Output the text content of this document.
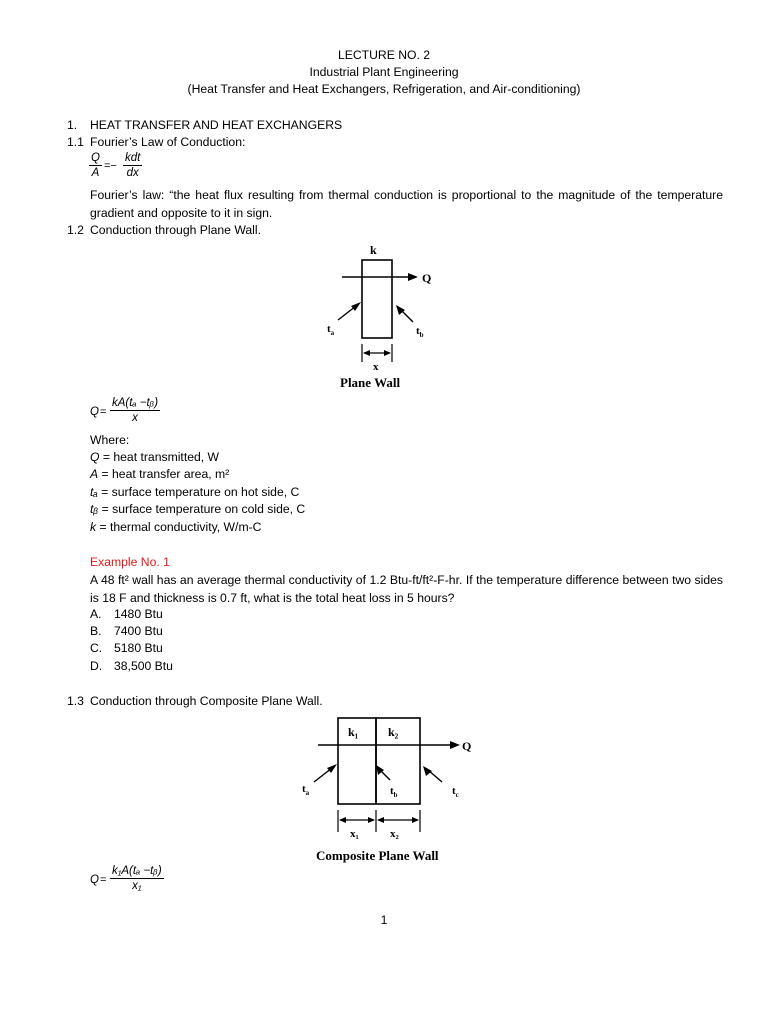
LECTURE NO. 2
Industrial Plant Engineering
(Heat Transfer and Heat Exchangers, Refrigeration, and Air-conditioning)
1. HEAT TRANSFER AND HEAT EXCHANGERS
1.1 Fourier’s Law of Conduction:
$\frac{Q}{A}$ =−
kdt
dx
Fourier’s law: “the heat flux resulting from thermal conduction is proportional to the magnitude of the temperature gradient and opposite to it in sign.
1.2 Conduction through Plane Wall.
Q
k
$t_a$	$t_b$
x
Plane Wall
$Q = \frac{\text{kA(tₐ −tᵦ)}}{x}$
Where:
Q = heat transmitted, W
A = heat transfer area, m²
tₐ = surface temperature on hot side, C
tᵦ = surface temperature on cold side, C
k = thermal conductivity, W/m-C
Example No. 1
A 48 ft² wall has an average thermal conductivity of 1.2 Btu-ft/ft²-F-hr. If the temperature difference between two sides is 18 F and thickness is 0.7 ft, what is the total heat loss in 5 hours?
A. 1480 Btu
B. 7400 Btu
C. 5180 Btu
D. 38,500 Btu
1.3 Conduction through Composite Plane Wall.
k₁ k₂
Q
$t_a$	$t_b$	$t_c$
x₁	x₂
Composite Plane Wall
$Q = \frac{\text{k₁A(tₐ −tᵦ)}}{\text{x₁}}$
1
